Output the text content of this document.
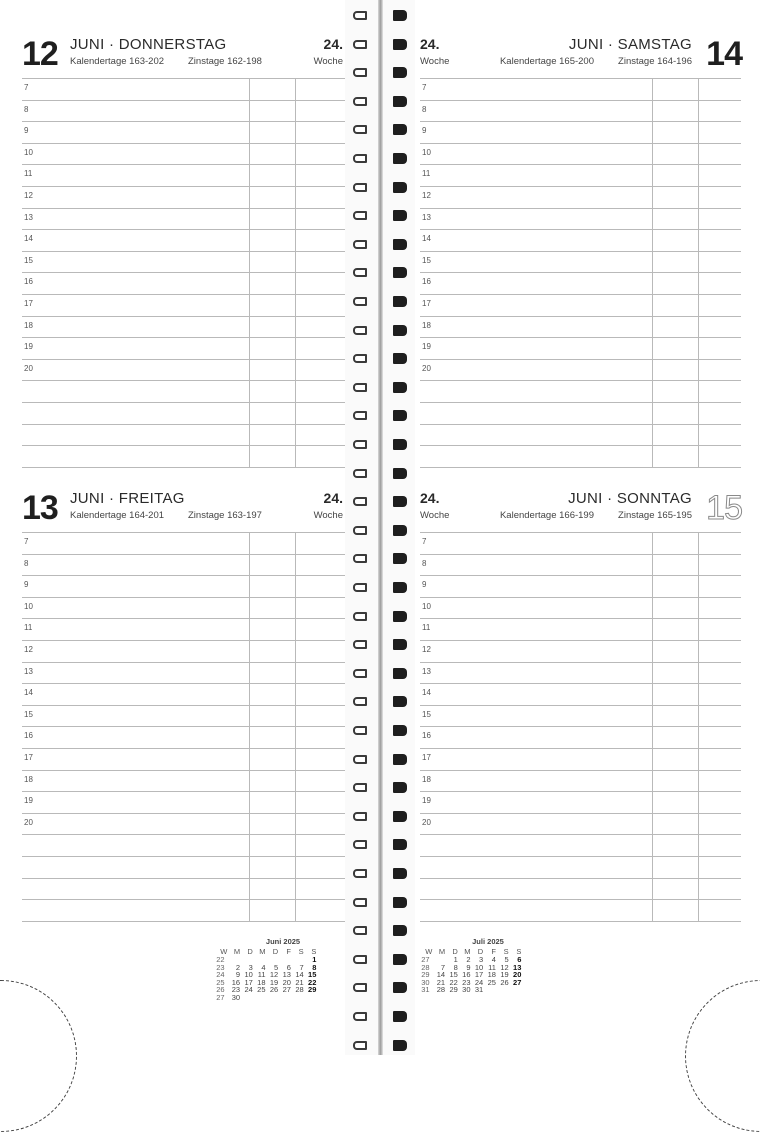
12 JUNI · DONNERSTAG
Kalendertage 163-202	Zinstage 162-198
24.
Woche
7
8
9
10
11
12
13
14
15
16
17
18
19
20
13 JUNI · FREITAG
Kalendertage 164-201	Zinstage 163-197
24.
Woche
7
8
9
10
11
12
13
14
15
16
17
18
19
20
Juni 2025
W	M	D	M	D	F	S	S
22							1
23	2	3	4	5	6	7	8
24	9	10	11	12	13	14	15
25	16	17	18	19	20	21	22
26	23	24	25	26	27	28	29
27	30						
24.
Woche
JUNI · SAMSTAG
Kalendertage 165-200	Zinstage 164-196 14
7
8
9
10
11
12
13
14
15
16
17
18
19
20
24.
Woche
JUNI · SONNTAG
Kalendertage 166-199	Zinstage 165-195 15
7
8
9
10
11
12
13
14
15
16
17
18
19
20
Juli 2025
W	M	D	M	D	F	S	S
27		1	2	3	4	5	6
28	7	8	9	10	11	12	13
29	14	15	16	17	18	19	20
30	21	22	23	24	25	26	27
31	28	29	30	31			
